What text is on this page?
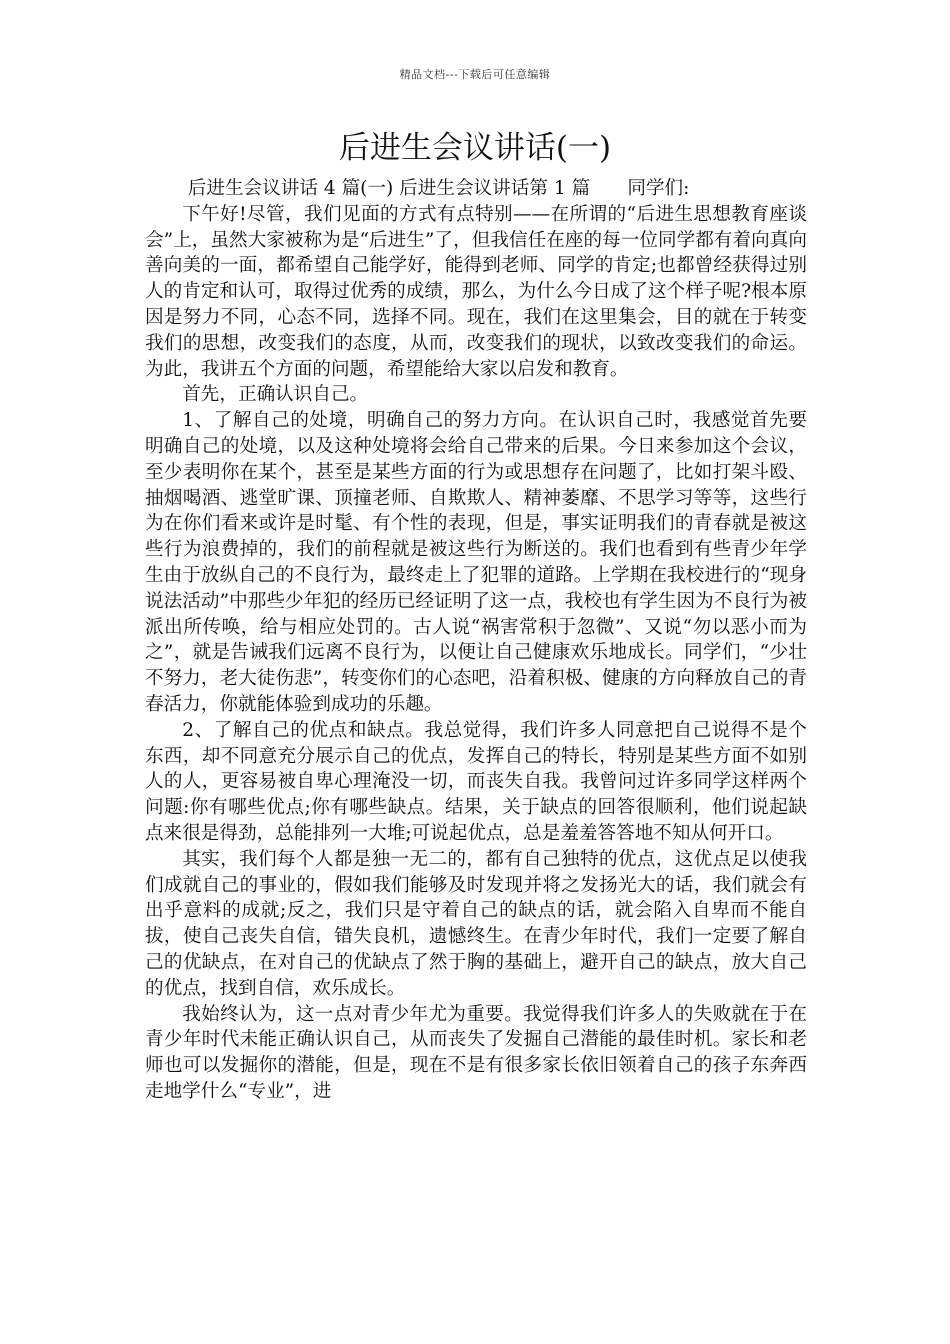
精品文档---下载后可任意编辑
后进生会议讲话(一)

后进生会议讲话 4 篇(一) 后进生会议讲话第 1 篇　　同学们:

下午好!尽管，我们见面的方式有点特别——在所谓的“后进生思想教育座谈会”上，虽然大家被称为是“后进生”了，但我信任在座的每一位同学都有着向真向善向美的一面，都希望自己能学好，能得到老师、同学的肯定;也都曾经获得过别人的肯定和认可，取得过优秀的成绩，那么，为什么今日成了这个样子呢?根本原因是努力不同，心态不同，选择不同。现在，我们在这里集会，目的就在于转变我们的思想，改变我们的态度，从而，改变我们的现状，以致改变我们的命运。为此，我讲五个方面的问题，希望能给大家以启发和教育。

首先，正确认识自己。

1、了解自己的处境，明确自己的努力方向。在认识自己时，我感觉首先要明确自己的处境，以及这种处境将会给自己带来的后果。今日来参加这个会议，至少表明你在某个，甚至是某些方面的行为或思想存在问题了，比如打架斗殴、抽烟喝酒、逃堂旷课、顶撞老师、自欺欺人、精神萎靡、不思学习等等，这些行为在你们看来或许是时髦、有个性的表现，但是，事实证明我们的青春就是被这些行为浪费掉的，我们的前程就是被这些行为断送的。我们也看到有些青少年学生由于放纵自己的不良行为，最终走上了犯罪的道路。上学期在我校进行的“现身说法活动”中那些少年犯的经历已经证明了这一点，我校也有学生因为不良行为被派出所传唤，给与相应处罚的。古人说“祸害常积于忽微”、又说“勿以恶小而为之”，就是告诫我们远离不良行为，以便让自己健康欢乐地成长。同学们，“少壮不努力，老大徒伤悲”，转变你们的心态吧，沿着积极、健康的方向释放自己的青春活力，你就能体验到成功的乐趣。

2、了解自己的优点和缺点。我总觉得，我们许多人同意把自己说得不是个东西，却不同意充分展示自己的优点，发挥自己的特长，特别是某些方面不如别人的人，更容易被自卑心理淹没一切，而丧失自我。我曾问过许多同学这样两个问题:你有哪些优点;你有哪些缺点。结果，关于缺点的回答很顺利，他们说起缺点来很是得劲，总能排列一大堆;可说起优点，总是羞羞答答地不知从何开口。

其实，我们每个人都是独一无二的，都有自己独特的优点，这优点足以使我们成就自己的事业的，假如我们能够及时发现并将之发扬光大的话，我们就会有出乎意料的成就;反之，我们只是守着自己的缺点的话，就会陷入自卑而不能自拔，使自己丧失自信，错失良机，遗憾终生。在青少年时代，我们一定要了解自己的优缺点，在对自己的优缺点了然于胸的基础上，避开自己的缺点，放大自己的优点，找到自信，欢乐成长。

我始终认为，这一点对青少年尤为重要。我觉得我们许多人的失败就在于在青少年时代未能正确认识自己，从而丧失了发掘自己潜能的最佳时机。家长和老师也可以发掘你的潜能，但是，现在不是有很多家长依旧领着自己的孩子东奔西走地学什么“专业”，进
